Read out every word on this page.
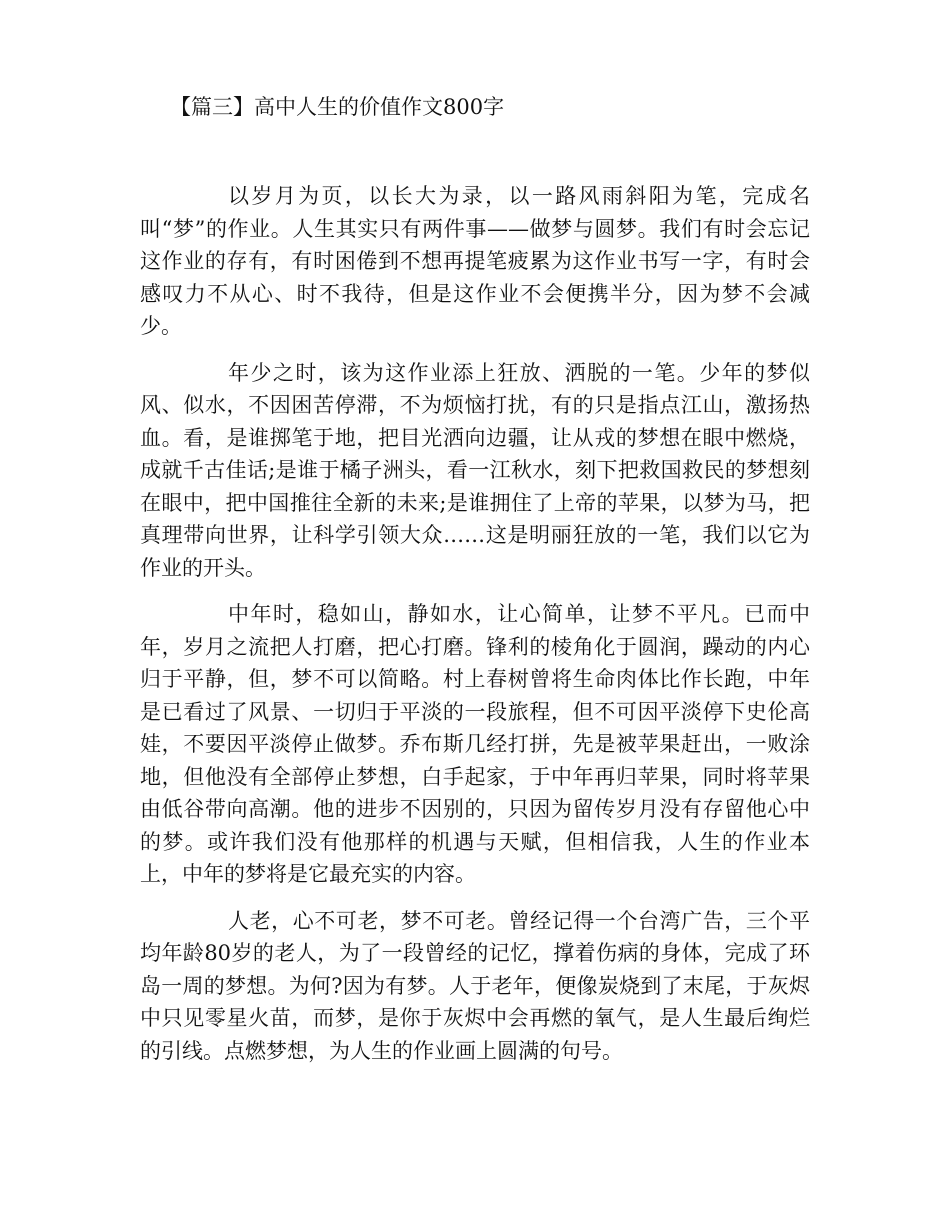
【篇三】高中人生的价值作文800字

以岁月为页，以长大为录，以一路风雨斜阳为笔，完成名叫“梦”的作业。人生其实只有两件事——做梦与圆梦。我们有时会忘记这作业的存有，有时困倦到不想再提笔疲累为这作业书写一字，有时会感叹力不从心、时不我待，但是这作业不会便携半分，因为梦不会减少。

年少之时，该为这作业添上狂放、洒脱的一笔。少年的梦似风、似水，不因困苦停滞，不为烦恼打扰，有的只是指点江山，激扬热血。看，是谁掷笔于地，把目光洒向边疆，让从戎的梦想在眼中燃烧，成就千古佳话;是谁于橘子洲头，看一江秋水，刻下把救国救民的梦想刻在眼中，把中国推往全新的未来;是谁拥住了上帝的苹果，以梦为马，把真理带向世界，让科学引领大众……这是明丽狂放的一笔，我们以它为作业的开头。

中年时，稳如山，静如水，让心简单，让梦不平凡。已而中年，岁月之流把人打磨，把心打磨。锋利的棱角化于圆润，躁动的内心归于平静，但，梦不可以简略。村上春树曾将生命肉体比作长跑，中年是已看过了风景、一切归于平淡的一段旅程，但不可因平淡停下史伦高娃，不要因平淡停止做梦。乔布斯几经打拼，先是被苹果赶出，一败涂地，但他没有全部停止梦想，白手起家，于中年再归苹果，同时将苹果由低谷带向高潮。他的进步不因别的，只因为留传岁月没有存留他心中的梦。或许我们没有他那样的机遇与天赋，但相信我，人生的作业本上，中年的梦将是它最充实的内容。

人老，心不可老，梦不可老。曾经记得一个台湾广告，三个平均年龄80岁的老人，为了一段曾经的记忆，撑着伤病的身体，完成了环岛一周的梦想。为何?因为有梦。人于老年，便像炭烧到了末尾，于灰烬中只见零星火苗，而梦，是你于灰烬中会再燃的氧气，是人生最后绚烂的引线。点燃梦想，为人生的作业画上圆满的句号。
